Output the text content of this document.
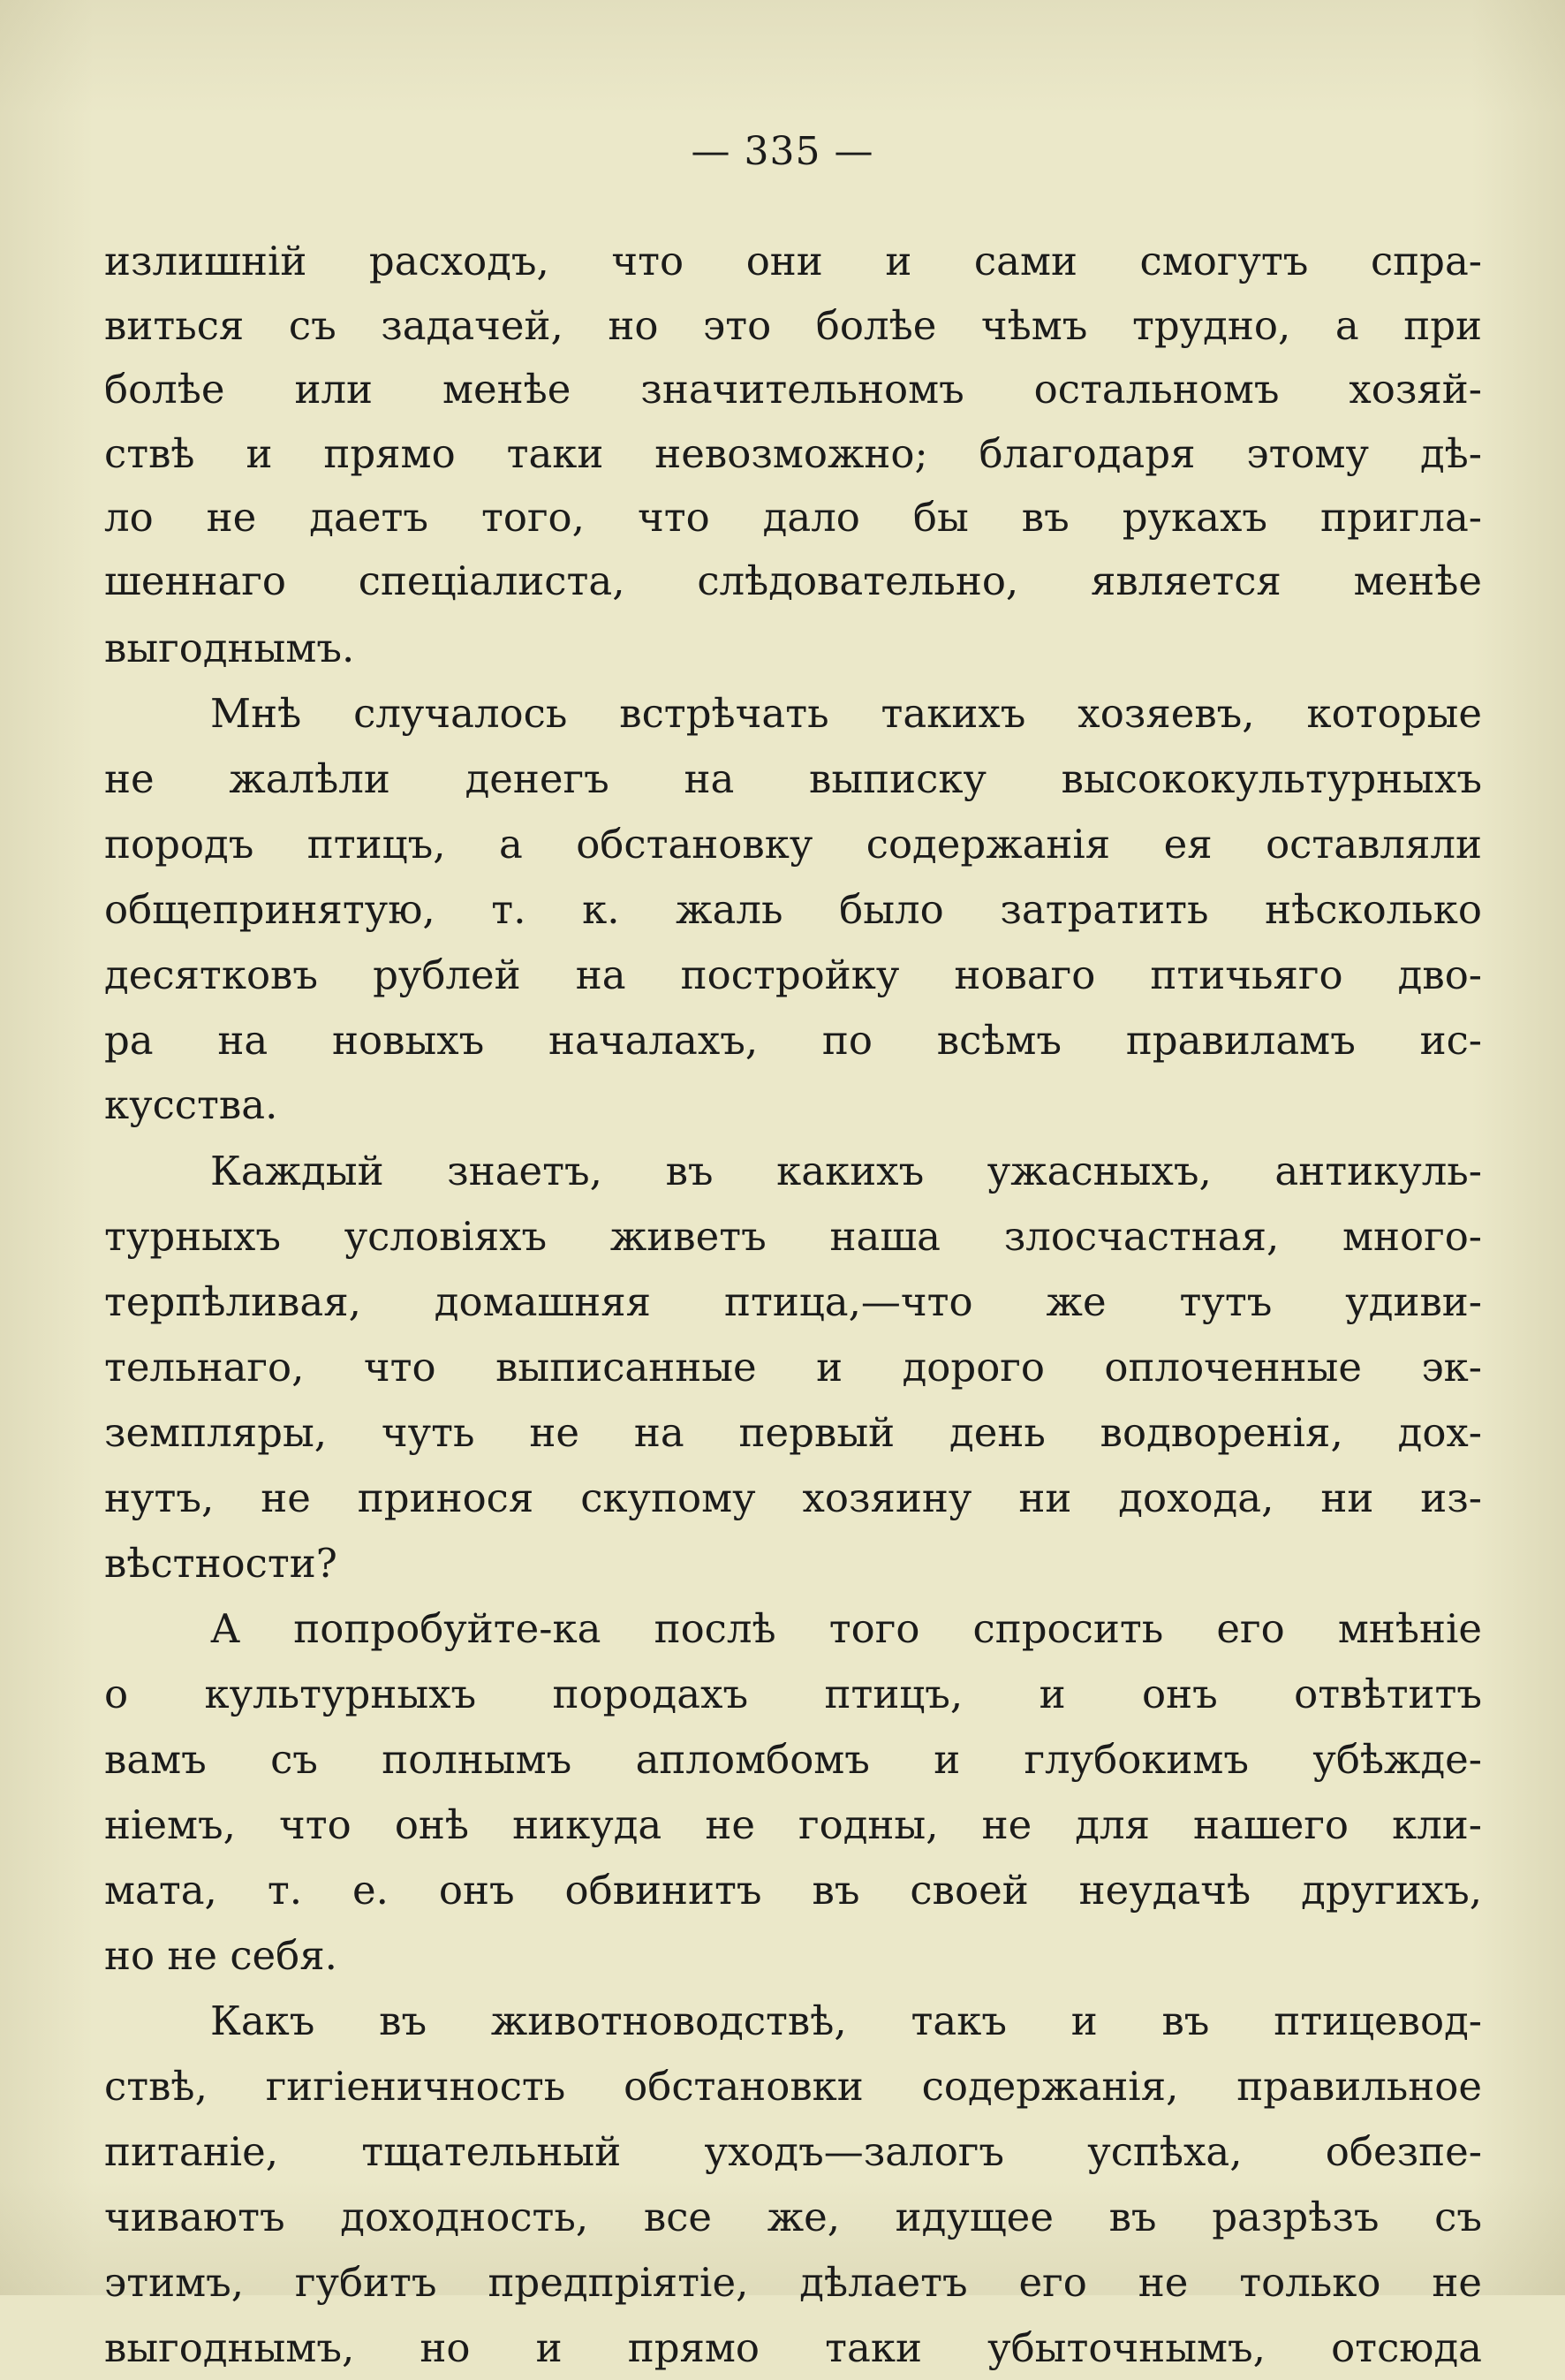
— 335 —
излишній расходъ, что они и сами смогутъ спра-
виться съ задачей, но это болѣе чѣмъ трудно, а при
болѣе или менѣе значительномъ остальномъ хозяй-
ствѣ и прямо таки невозможно; благодаря этому дѣ-
ло не даетъ того, что дало бы въ рукахъ пригла-
шеннаго спеціалиста, слѣдовательно, является менѣе
выгоднымъ.
Мнѣ случалось встрѣчать такихъ хозяевъ, которые
не жалѣли денегъ на выписку высококультурныхъ
породъ птицъ, а обстановку содержанія ея оставляли
общепринятую, т. к. жаль было затратить нѣсколько
десятковъ рублей на постройку новаго птичьяго дво-
ра на новыхъ началахъ, по всѣмъ правиламъ ис-
кусства.
Каждый знаетъ, въ какихъ ужасныхъ, антикуль-
турныхъ условіяхъ живетъ наша злосчастная, много-
терпѣливая, домашняя птица,—что же тутъ удиви-
тельнаго, что выписанные и дорого оплоченные эк-
земпляры, чуть не на первый день водворенія, дох-
нутъ, не принося скупому хозяину ни дохода, ни из-
вѣстности?
А попробуйте-ка послѣ того спросить его мнѣніе
о культурныхъ породахъ птицъ, и онъ отвѣтитъ
вамъ съ полнымъ апломбомъ и глубокимъ убѣжде-
ніемъ, что онѣ никуда не годны, не для нашего кли-
мата, т. е. онъ обвинитъ въ своей неудачѣ другихъ,
но не себя.
Какъ въ животноводствѣ, такъ и въ птицевод-
ствѣ, гигіеничность обстановки содержанія, правильное
питаніе, тщательный уходъ—залогъ успѣха, обезпе-
чиваютъ доходность, все же, идущее въ разрѣзъ съ
этимъ, губитъ предпріятіе, дѣлаетъ его не только не
выгоднымъ, но и прямо таки убыточнымъ, отсюда
